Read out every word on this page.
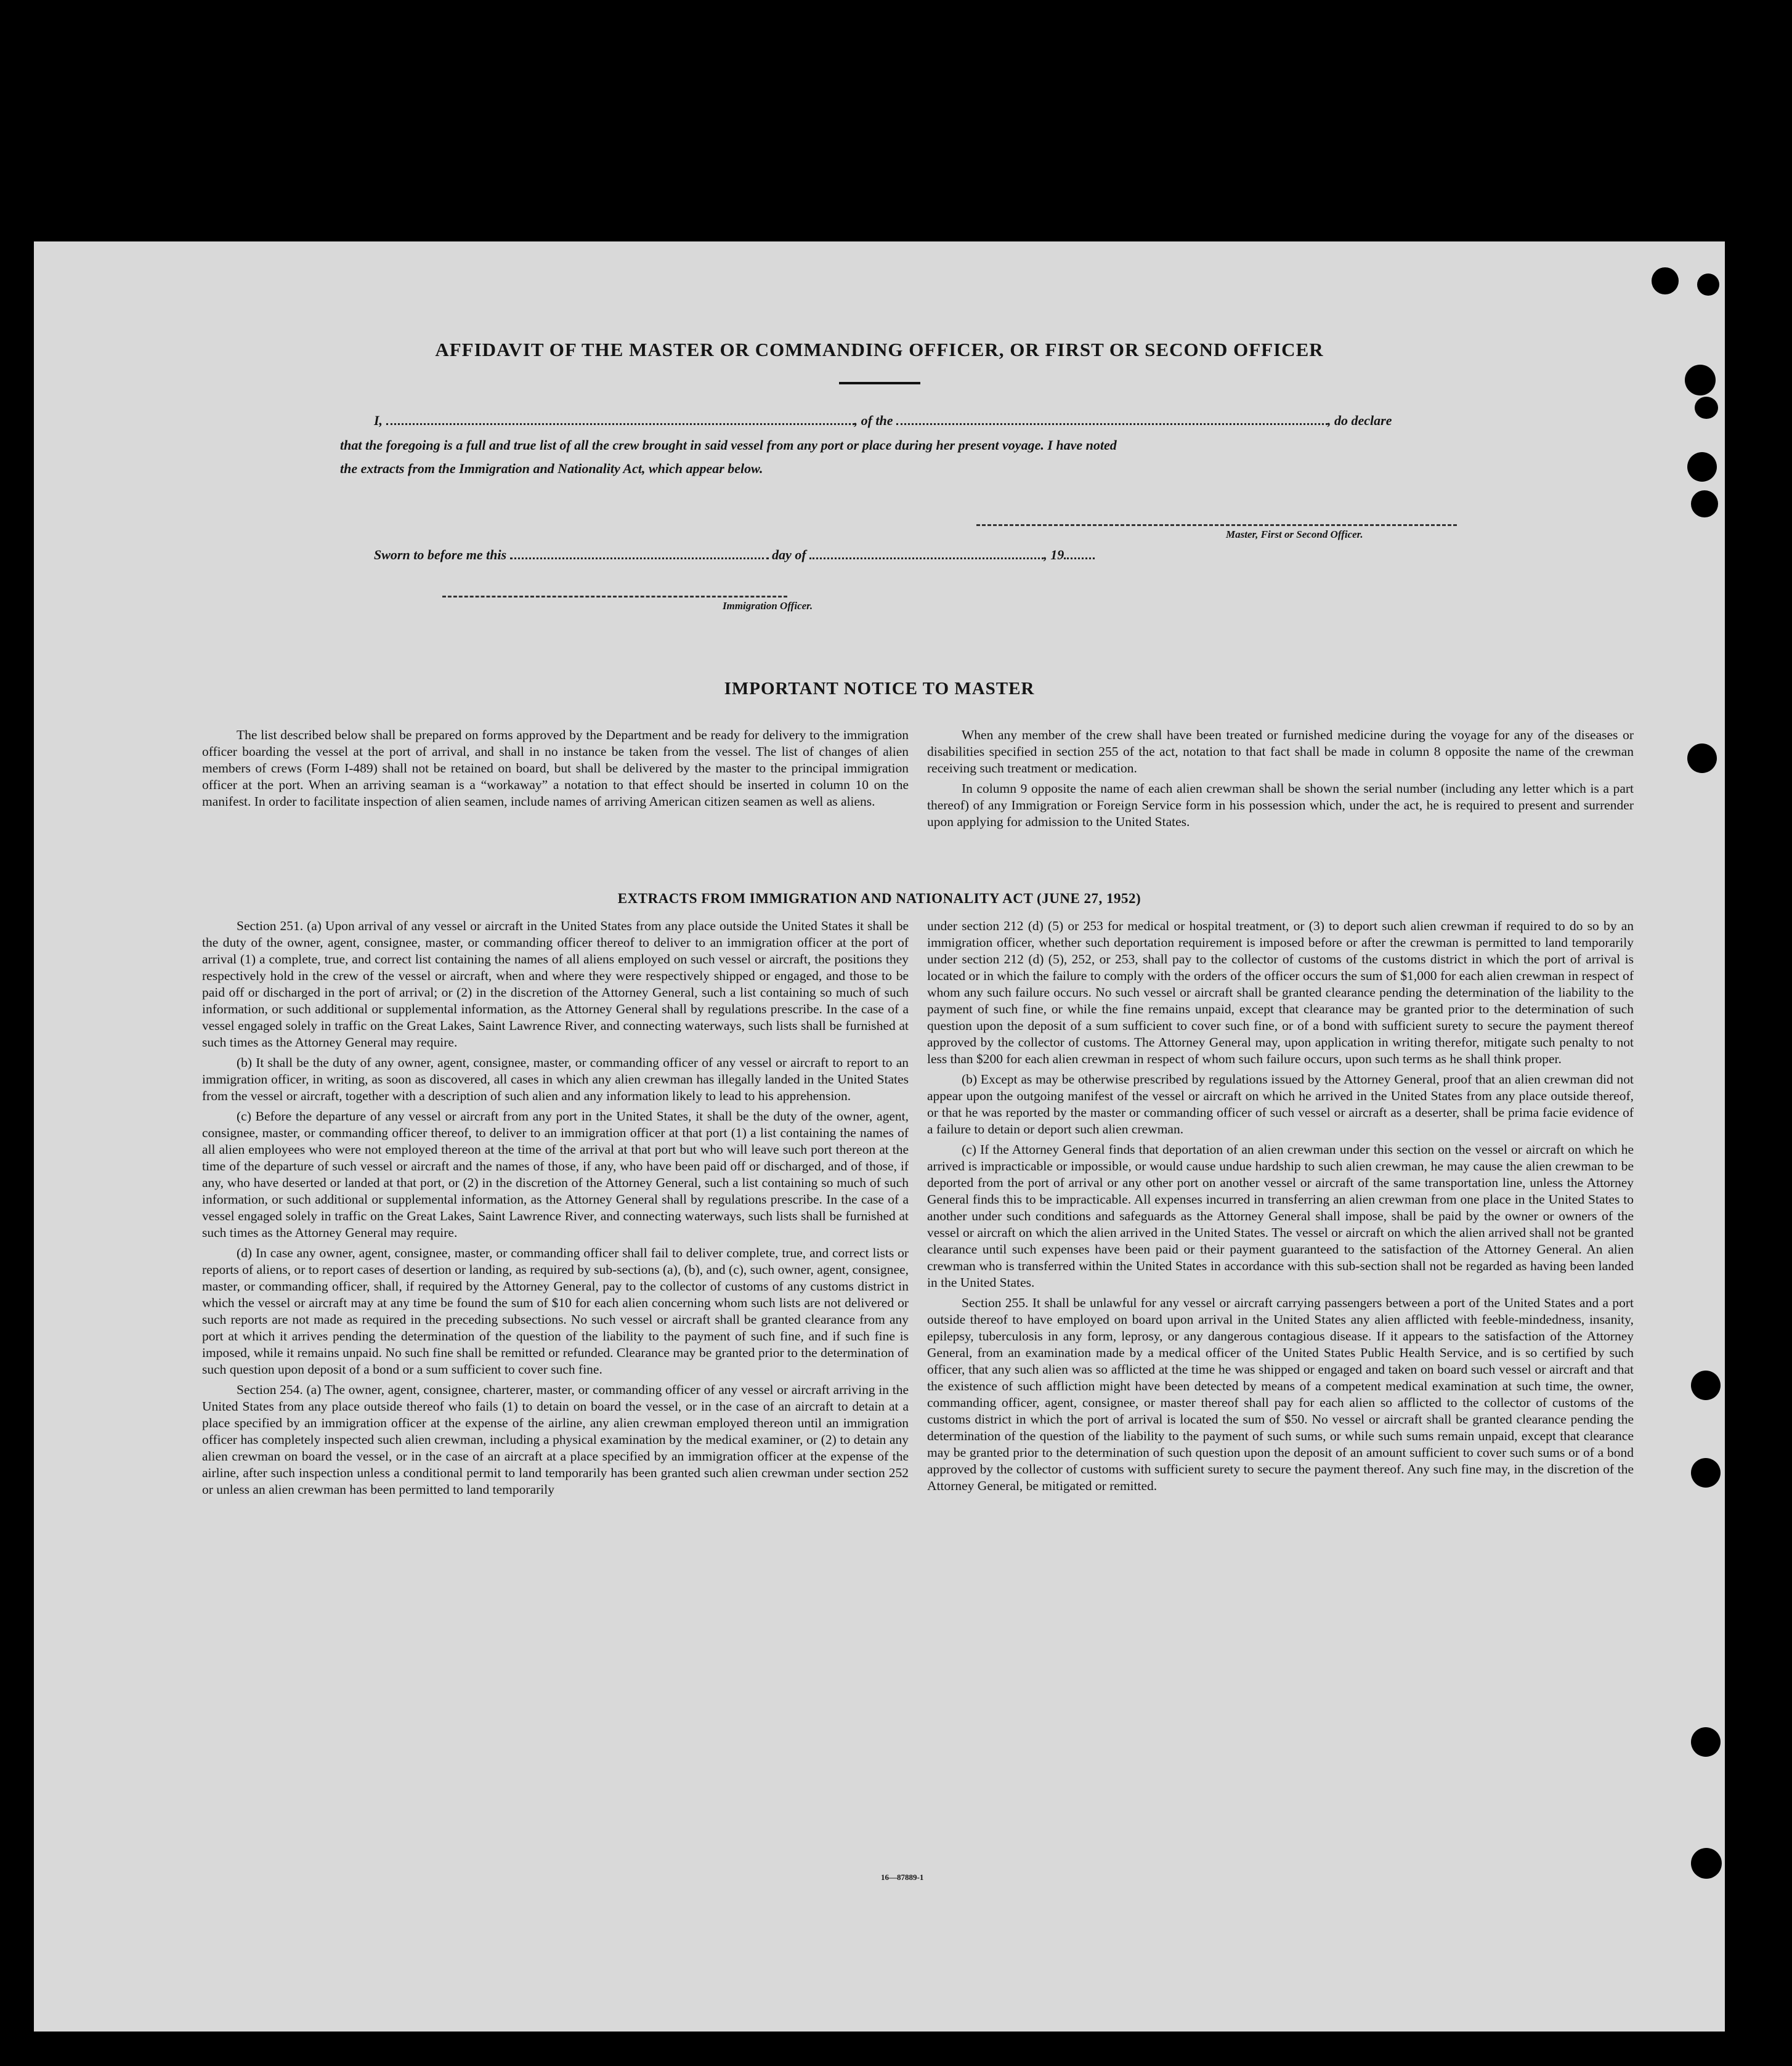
AFFIDAVIT OF THE MASTER OR COMMANDING OFFICER, OR FIRST OR SECOND OFFICER
I,	, of the	, do declare
that the foregoing is a full and true list of all the crew brought in said vessel from any port or place during her present voyage. I have noted
the extracts from the Immigration and Nationality Act, which appear below.
Master, First or Second Officer.
Sworn to before me this	day of	, 19
Immigration Officer.
IMPORTANT NOTICE TO MASTER

The list described below shall be prepared on forms approved by the Department and be ready for delivery to the immigration officer boarding the vessel at the port of arrival, and shall in no instance be taken from the vessel. The list of changes of alien members of crews (Form I-489) shall not be retained on board, but shall be delivered by the master to the principal immigration officer at the port. When an arriving seaman is a “workaway” a notation to that effect should be inserted in column 10 on the manifest. In order to facilitate inspection of alien seamen, include names of arriving American citizen seamen as well as aliens.

When any member of the crew shall have been treated or furnished medicine during the voyage for any of the diseases or disabilities specified in section 255 of the act, notation to that fact shall be made in column 8 opposite the name of the crewman receiving such treatment or medication.

In column 9 opposite the name of each alien crewman shall be shown the serial number (including any letter which is a part thereof) of any Immigration or Foreign Service form in his possession which, under the act, he is required to present and surrender upon applying for admission to the United States.

EXTRACTS FROM IMMIGRATION AND NATIONALITY ACT (JUNE 27, 1952)

Section 251. (a) Upon arrival of any vessel or aircraft in the United States from any place outside the United States it shall be the duty of the owner, agent, consignee, master, or commanding officer thereof to deliver to an immigration officer at the port of arrival (1) a complete, true, and correct list containing the names of all aliens employed on such vessel or aircraft, the positions they respectively hold in the crew of the vessel or aircraft, when and where they were respectively shipped or engaged, and those to be paid off or discharged in the port of arrival; or (2) in the discretion of the Attorney General, such a list containing so much of such information, or such additional or supplemental information, as the Attorney General shall by regulations prescribe. In the case of a vessel engaged solely in traffic on the Great Lakes, Saint Lawrence River, and connecting waterways, such lists shall be furnished at such times as the Attorney General may require.

(b) It shall be the duty of any owner, agent, consignee, master, or commanding officer of any vessel or aircraft to report to an immigration officer, in writing, as soon as discovered, all cases in which any alien crewman has illegally landed in the United States from the vessel or aircraft, together with a description of such alien and any information likely to lead to his apprehension.

(c) Before the departure of any vessel or aircraft from any port in the United States, it shall be the duty of the owner, agent, consignee, master, or commanding officer thereof, to deliver to an immigration officer at that port (1) a list containing the names of all alien employees who were not employed thereon at the time of the arrival at that port but who will leave such port thereon at the time of the departure of such vessel or aircraft and the names of those, if any, who have been paid off or discharged, and of those, if any, who have deserted or landed at that port, or (2) in the discretion of the Attorney General, such a list containing so much of such information, or such additional or supplemental information, as the Attorney General shall by regulations prescribe. In the case of a vessel engaged solely in traffic on the Great Lakes, Saint Lawrence River, and connecting waterways, such lists shall be furnished at such times as the Attorney General may require.

(d) In case any owner, agent, consignee, master, or commanding officer shall fail to deliver complete, true, and correct lists or reports of aliens, or to report cases of desertion or landing, as required by sub-sections (a), (b), and (c), such owner, agent, consignee, master, or commanding officer, shall, if required by the Attorney General, pay to the collector of customs of any customs district in which the vessel or aircraft may at any time be found the sum of $10 for each alien concerning whom such lists are not delivered or such reports are not made as required in the preceding subsections. No such vessel or aircraft shall be granted clearance from any port at which it arrives pending the determination of the question of the liability to the payment of such fine, and if such fine is imposed, while it remains unpaid. No such fine shall be remitted or refunded. Clearance may be granted prior to the determination of such question upon deposit of a bond or a sum sufficient to cover such fine.

Section 254. (a) The owner, agent, consignee, charterer, master, or commanding officer of any vessel or aircraft arriving in the United States from any place outside thereof who fails (1) to detain on board the vessel, or in the case of an aircraft to detain at a place specified by an immigration officer at the expense of the airline, any alien crewman employed thereon until an immigration officer has completely inspected such alien crewman, including a physical examination by the medical examiner, or (2) to detain any alien crewman on board the vessel, or in the case of an aircraft at a place specified by an immigration officer at the expense of the airline, after such inspection unless a conditional permit to land temporarily has been granted such alien crewman under section 252 or unless an alien crewman has been permitted to land temporarily

under section 212 (d) (5) or 253 for medical or hospital treatment, or (3) to deport such alien crewman if required to do so by an immigration officer, whether such deportation requirement is imposed before or after the crewman is permitted to land temporarily under section 212 (d) (5), 252, or 253, shall pay to the collector of customs of the customs district in which the port of arrival is located or in which the failure to comply with the orders of the officer occurs the sum of $1,000 for each alien crewman in respect of whom any such failure occurs. No such vessel or aircraft shall be granted clearance pending the determination of the liability to the payment of such fine, or while the fine remains unpaid, except that clearance may be granted prior to the determination of such question upon the deposit of a sum sufficient to cover such fine, or of a bond with sufficient surety to secure the payment thereof approved by the collector of customs. The Attorney General may, upon application in writing therefor, mitigate such penalty to not less than $200 for each alien crewman in respect of whom such failure occurs, upon such terms as he shall think proper.

(b) Except as may be otherwise prescribed by regulations issued by the Attorney General, proof that an alien crewman did not appear upon the outgoing manifest of the vessel or aircraft on which he arrived in the United States from any place outside thereof, or that he was reported by the master or commanding officer of such vessel or aircraft as a deserter, shall be prima facie evidence of a failure to detain or deport such alien crewman.

(c) If the Attorney General finds that deportation of an alien crewman under this section on the vessel or aircraft on which he arrived is impracticable or impossible, or would cause undue hardship to such alien crewman, he may cause the alien crewman to be deported from the port of arrival or any other port on another vessel or aircraft of the same transportation line, unless the Attorney General finds this to be impracticable. All expenses incurred in transferring an alien crewman from one place in the United States to another under such conditions and safeguards as the Attorney General shall impose, shall be paid by the owner or owners of the vessel or aircraft on which the alien arrived in the United States. The vessel or aircraft on which the alien arrived shall not be granted clearance until such expenses have been paid or their payment guaranteed to the satisfaction of the Attorney General. An alien crewman who is transferred within the United States in accordance with this sub-section shall not be regarded as having been landed in the United States.

Section 255. It shall be unlawful for any vessel or aircraft carrying passengers between a port of the United States and a port outside thereof to have employed on board upon arrival in the United States any alien afflicted with feeble-mindedness, insanity, epilepsy, tuberculosis in any form, leprosy, or any dangerous contagious disease. If it appears to the satisfaction of the Attorney General, from an examination made by a medical officer of the United States Public Health Service, and is so certified by such officer, that any such alien was so afflicted at the time he was shipped or engaged and taken on board such vessel or aircraft and that the existence of such affliction might have been detected by means of a competent medical examination at such time, the owner, commanding officer, agent, consignee, or master thereof shall pay for each alien so afflicted to the collector of customs of the customs district in which the port of arrival is located the sum of $50. No vessel or aircraft shall be granted clearance pending the determination of the question of the liability to the payment of such sums, or while such sums remain unpaid, except that clearance may be granted prior to the determination of such question upon the deposit of an amount sufficient to cover such sums or of a bond approved by the collector of customs with sufficient surety to secure the payment thereof. Any such fine may, in the discretion of the Attorney General, be mitigated or remitted.

16—87889-1
